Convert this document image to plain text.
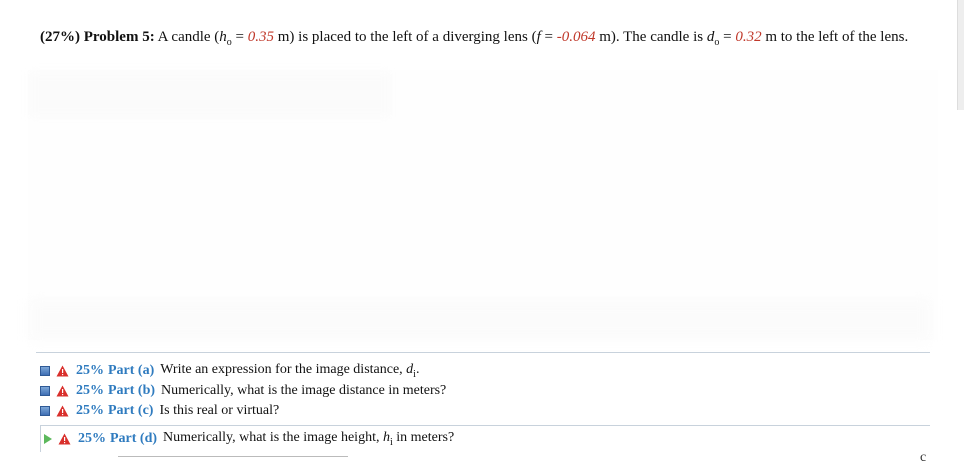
(27%) Problem 5: A candle ($h_o = 0.35$ m) is placed to the left of a diverging lens (f = -0.064 m). The candle is $d_o = 0.32$ m to the left of the lens.
25% Part (a) Write an expression for the image distance, $d_i$.
25% Part (b) Numerically, what is the image distance in meters?
25% Part (c) Is this real or virtual?
25% Part (d) Numerically, what is the image height, $h_i$ in meters?
c
